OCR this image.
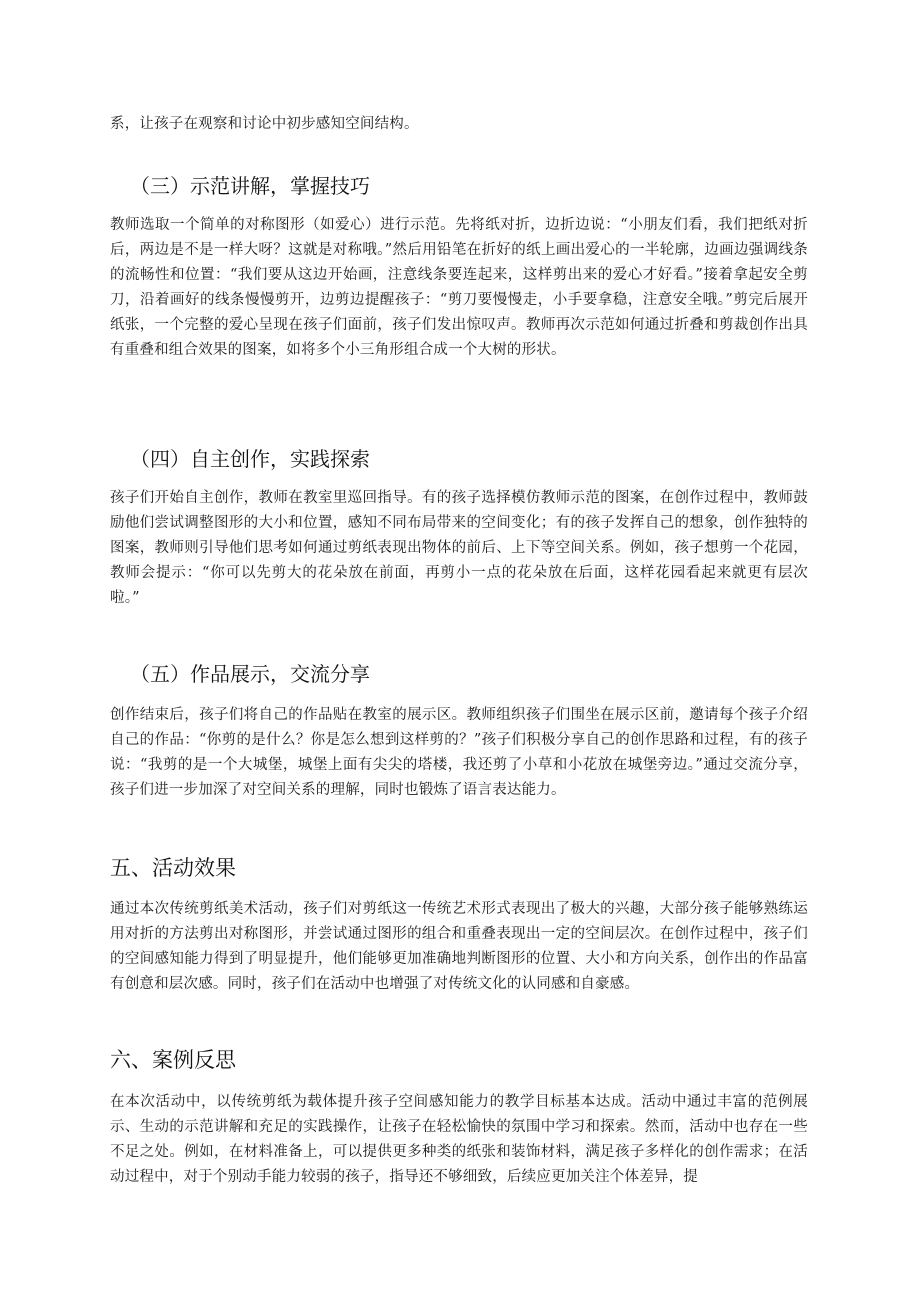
系，让孩子在观察和讨论中初步感知空间结构。

（三）示范讲解，掌握技巧

教师选取一个简单的对称图形（如爱心）进行示范。先将纸对折，边折边说：“小朋友们看，我们把纸对折后，两边是不是一样大呀？这就是对称哦。”然后用铅笔在折好的纸上画出爱心的一半轮廓，边画边强调线条的流畅性和位置：“我们要从这边开始画，注意线条要连起来，这样剪出来的爱心才好看。”接着拿起安全剪刀，沿着画好的线条慢慢剪开，边剪边提醒孩子：“剪刀要慢慢走，小手要拿稳，注意安全哦。”剪完后展开纸张，一个完整的爱心呈现在孩子们面前，孩子们发出惊叹声。教师再次示范如何通过折叠和剪裁创作出具有重叠和组合效果的图案，如将多个小三角形组合成一个大树的形状。

（四）自主创作，实践探索

孩子们开始自主创作，教师在教室里巡回指导。有的孩子选择模仿教师示范的图案，在创作过程中，教师鼓励他们尝试调整图形的大小和位置，感知不同布局带来的空间变化；有的孩子发挥自己的想象，创作独特的图案，教师则引导他们思考如何通过剪纸表现出物体的前后、上下等空间关系。例如，孩子想剪一个花园，教师会提示：“你可以先剪大的花朵放在前面，再剪小一点的花朵放在后面，这样花园看起来就更有层次啦。”

（五）作品展示，交流分享

创作结束后，孩子们将自己的作品贴在教室的展示区。教师组织孩子们围坐在展示区前，邀请每个孩子介绍自己的作品：“你剪的是什么？你是怎么想到这样剪的？”孩子们积极分享自己的创作思路和过程，有的孩子说：“我剪的是一个大城堡，城堡上面有尖尖的塔楼，我还剪了小草和小花放在城堡旁边。”通过交流分享，孩子们进一步加深了对空间关系的理解，同时也锻炼了语言表达能力。

五、活动效果

通过本次传统剪纸美术活动，孩子们对剪纸这一传统艺术形式表现出了极大的兴趣，大部分孩子能够熟练运用对折的方法剪出对称图形，并尝试通过图形的组合和重叠表现出一定的空间层次。在创作过程中，孩子们的空间感知能力得到了明显提升，他们能够更加准确地判断图形的位置、大小和方向关系，创作出的作品富有创意和层次感。同时，孩子们在活动中也增强了对传统文化的认同感和自豪感。

六、案例反思

在本次活动中，以传统剪纸为载体提升孩子空间感知能力的教学目标基本达成。活动中通过丰富的范例展示、生动的示范讲解和充足的实践操作，让孩子在轻松愉快的氛围中学习和探索。然而，活动中也存在一些不足之处。例如，在材料准备上，可以提供更多种类的纸张和装饰材料，满足孩子多样化的创作需求；在活动过程中，对于个别动手能力较弱的孩子，指导还不够细致，后续应更加关注个体差异，提
